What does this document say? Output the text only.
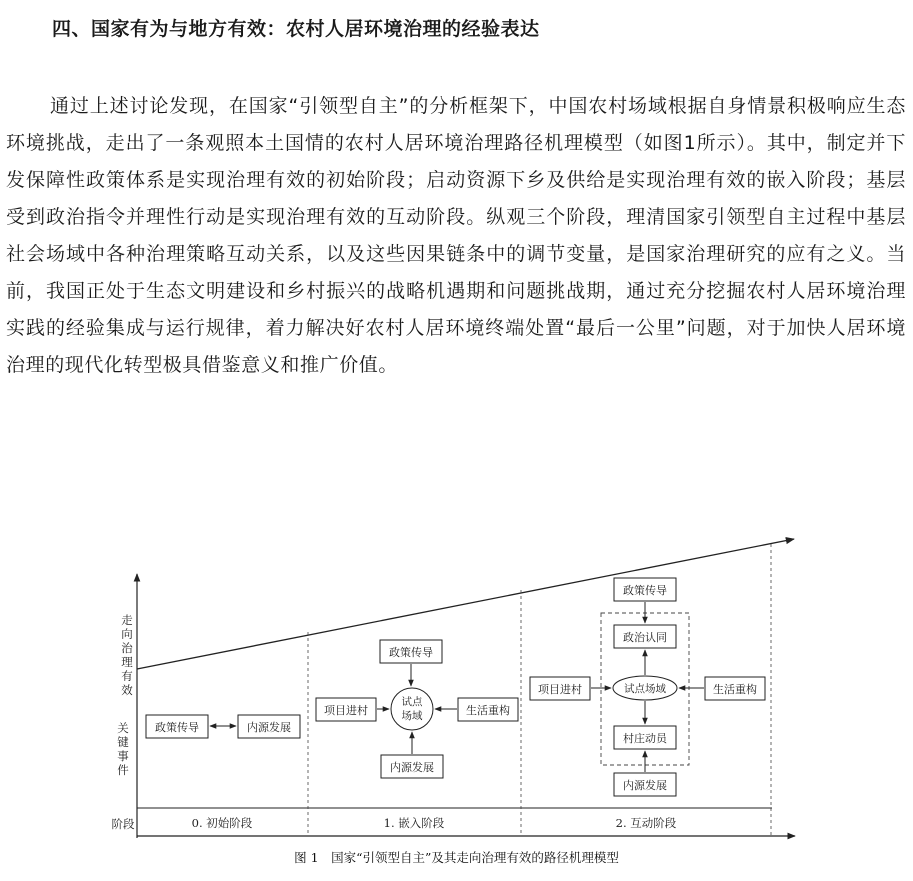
四、国家有为与地方有效：农村人居环境治理的经验表达
通过上述讨论发现，在国家“引领型自主”的分析框架下，中国农村场域根据自身情景积极响应生态环境挑战，走出了一条观照本土国情的农村人居环境治理路径机理模型（如图1所示）。其中，制定并下发保障性政策体系是实现治理有效的初始阶段；启动资源下乡及供给是实现治理有效的嵌入阶段；基层受到政治指令并理性行动是实现治理有效的互动阶段。纵观三个阶段，理清国家引领型自主过程中基层社会场域中各种治理策略互动关系，以及这些因果链条中的调节变量，是国家治理研究的应有之义。当前，我国正处于生态文明建设和乡村振兴的战略机遇期和问题挑战期，通过充分挖掘农村人居环境治理实践的经验集成与运行规律，着力解决好农村人居环境终端处置“最后一公里”问题，对于加快人居环境治理的现代化转型极具借鉴意义和推广价值。
走
向
治
理
有
效
关
键
事
件
阶段	0. 初始阶段	1. 嵌入阶段	2. 互动阶段
政策传导	内源发展
政策传导
项目进村	生活重构
内源发展
试点
场域
政策传导
政治认同
试点场域
项目进村	生活重构
村庄动员
内源发展
图 1　国家“引领型自主”及其走向治理有效的路径机理模型
